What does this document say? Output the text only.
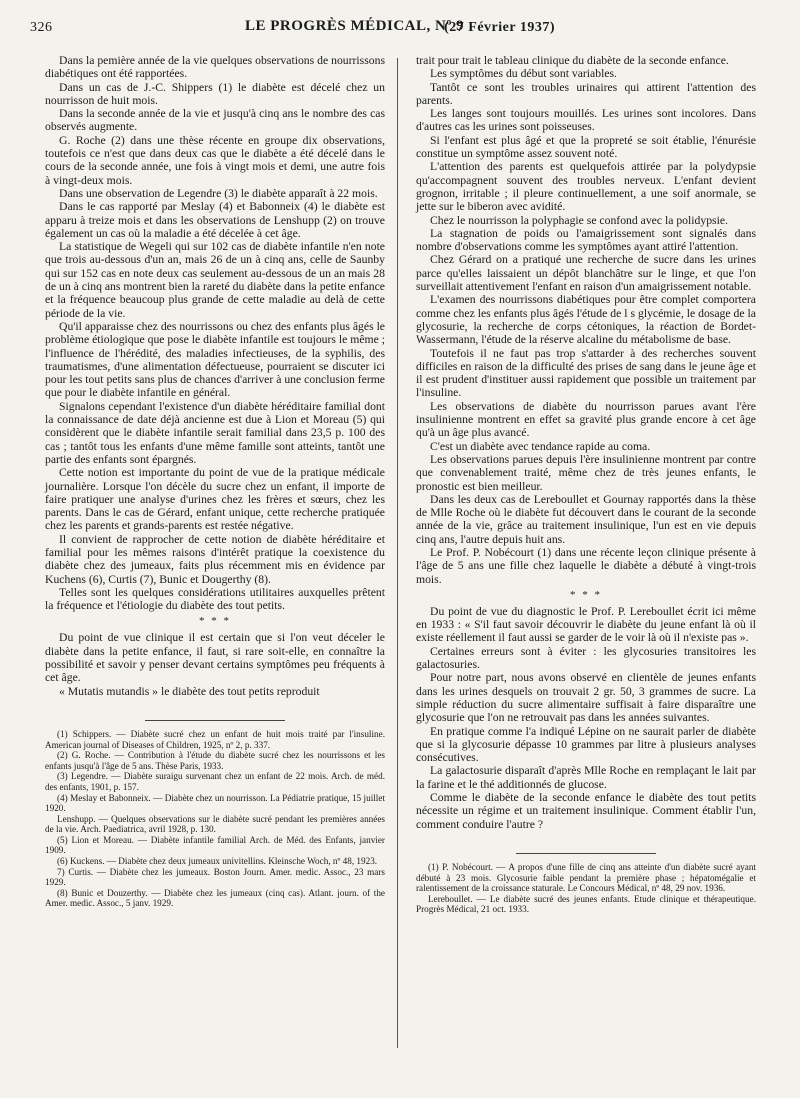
326	LE PROGRÈS MÉDICAL, Nº 9
(27 Février 1937)

Dans la pemière année de la vie quelques observations de nourrissons diabétiques ont été rapportées.

Dans un cas de J.-C. Shippers (1) le diabète est décelé chez un nourrisson de huit mois.

Dans la seconde année de la vie et jusqu'à cinq ans le nombre des cas observés augmente.

G. Roche (2) dans une thèse récente en groupe dix observations, toutefois ce n'est que dans deux cas que le diabète a été décelé dans le cours de la seconde année, une fois à vingt mois et demi, une autre fois à vingt-deux mois.

Dans une observation de Legendre (3) le diabète apparaît à 22 mois.

Dans le cas rapporté par Meslay (4) et Babonneix (4) le diabète est apparu à treize mois et dans les observations de Lenshupp (2) on trouve également un cas où la maladie a été décelée à cet âge.

La statistique de Wegeli qui sur 102 cas de diabète infantile n'en note que trois au-dessous d'un an, mais 26 de un à cinq ans, celle de Saunby qui sur 152 cas en note deux cas seulement au-dessous de un an mais 28 de un à cinq ans montrent bien la rareté du diabète dans la petite enfance et la fréquence beaucoup plus grande de cette maladie au delà de cette période de la vie.

Qu'il apparaisse chez des nourrissons ou chez des enfants plus âgés le problème étiologique que pose le diabète infantile est toujours le même ; l'influence de l'hérédité, des maladies infectieuses, de la syphilis, des traumatismes, d'une alimentation défectueuse, pourraient se discuter ici pour les tout petits sans plus de chances d'arriver à une conclusion ferme que pour le diabète infantile en général.

Signalons cependant l'existence d'un diabète héréditaire familial dont la connaissance de date déjà ancienne est due à Lion et Moreau (5) qui considèrent que le diabète infantile serait familial dans 23,5 p. 100 des cas ; tantôt tous les enfants d'une même famille sont atteints, tantôt une partie des enfants sont épargnés.

Cette notion est importante du point de vue de la pratique médicale journalière. Lorsque l'on décèle du sucre chez un enfant, il importe de faire pratiquer une analyse d'urines chez les frères et sœurs, chez les parents. Dans le cas de Gérard, enfant unique, cette recherche pratiquée chez les parents et grands-parents est restée négative.

Il convient de rapprocher de cette notion de diabète héréditaire et familial pour les mêmes raisons d'intérêt pratique la coexistence du diabète chez des jumeaux, faits plus récemment mis en évidence par Kuchens (6), Curtis (7), Bunic et Dougerthy (8).

Telles sont les quelques considérations utilitaires auxquelles prêtent la fréquence et l'étiologie du diabète des tout petits.

* * *

Du point de vue clinique il est certain que si l'on veut déceler le diabète dans la petite enfance, il faut, si rare soit-elle, en connaître la possibilité et savoir y penser devant certains symptômes peu fréquents à cet âge.

« Mutatis mutandis » le diabète des tout petits reproduit

(1) Schippers. — Diabète sucré chez un enfant de huit mois traité par l'insuline. American journal of Diseases of Children, 1925, nº 2, p. 337.

(2) G. Roche. — Contribution à l'étude du diabète sucré chez les nourrissons et les enfants jusqu'à l'âge de 5 ans. Thèse Paris, 1933.

(3) Legendre. — Diabète suraigu survenant chez un enfant de 22 mois. Arch. de méd. des enfants, 1901, p. 157.

(4) Meslay et Babonneix. — Diabète chez un nourrisson. La Pédiatrie pratique, 15 juillet 1920.

Lenshupp. — Quelques observations sur le diabète sucré pendant les premières années de la vie. Arch. Paediatrica, avril 1928, p. 130.

(5) Lion et Moreau. — Diabète infantile familial Arch. de Méd. des Enfants, janvier 1909.

(6) Kuckens. — Diabète chez deux jumeaux univitellins. Kleinsche Woch, nº 48, 1923.

7) Curtis. — Diabète chez les jumeaux. Boston Journ. Amer. medic. Assoc., 23 mars 1929.

(8) Bunic et Douzerthy. — Diabète chez les jumeaux (cinq cas). Atlant. journ. of the Amer. medic. Assoc., 5 janv. 1929.

trait pour trait le tableau clinique du diabète de la seconde enfance.

Les symptômes du début sont variables.

Tantôt ce sont les troubles urinaires qui attirent l'attention des parents.

Les langes sont toujours mouillés. Les urines sont incolores. Dans d'autres cas les urines sont poisseuses.

Si l'enfant est plus âgé et que la propreté se soit établie, l'énurésie constitue un symptôme assez souvent noté.

L'attention des parents est quelquefois attirée par la polydypsie qu'accompagnent souvent des troubles nerveux. L'enfant devient grognon, irritable ; il pleure continuellement, a une soif anormale, se jette sur le biberon avec avidité.

Chez le nourrisson la polyphagie se confond avec la polidypsie.

La stagnation de poids ou l'amaigrissement sont signalés dans nombre d'observations comme les symptômes ayant attiré l'attention.

Chez Gérard on a pratiqué une recherche de sucre dans les urines parce qu'elles laissaient un dépôt blanchâtre sur le linge, et que l'on surveillait attentivement l'enfant en raison d'un amaigrissement notable.

L'examen des nourrissons diabétiques pour être complet comportera comme chez les enfants plus âgés l'étude de l s glycémie, le dosage de la glycosurie, la recherche de corps cétoniques, la réaction de Bordet-Wassermann, l'étude de la réserve alcaline du métabolisme de base.

Toutefois il ne faut pas trop s'attarder à des recherches souvent difficiles en raison de la difficulté des prises de sang dans le jeune âge et il est prudent d'instituer aussi rapidement que possible un traitement par l'insuline.

Les observations de diabète du nourrisson parues avant l'ère insulinienne montrent en effet sa gravité plus grande encore à cet âge qu'à un âge plus avancé.

C'est un diabète avec tendance rapide au coma.

Les observations parues depuis l'ère insulinienne montrent par contre que convenablement traité, même chez de très jeunes enfants, le pronostic est bien meilleur.

Dans les deux cas de Lereboullet et Gournay rapportés dans la thèse de Mlle Roche où le diabète fut découvert dans le courant de la seconde année de la vie, grâce au traitement insulinique, l'un est en vie depuis cinq ans, l'autre depuis huit ans.

Le Prof. P. Nobécourt (1) dans une récente leçon clinique présente à l'âge de 5 ans une fille chez laquelle le diabète a débuté à vingt-trois mois.

* * *

Du point de vue du diagnostic le Prof. P. Lereboullet écrit ici même en 1933 : « S'il faut savoir découvrir le diabète du jeune enfant là où il existe réellement il faut aussi se garder de le voir là où il n'existe pas ».

Certaines erreurs sont à éviter : les glycosuries transitoires les galactosuries.

Pour notre part, nous avons observé en clientèle de jeunes enfants dans les urines desquels on trouvait 2 gr. 50, 3 grammes de sucre. La simple réduction du sucre alimentaire suffisait à faire disparaître une glycosurie que l'on ne retrouvait pas dans les années suivantes.

En pratique comme l'a indiqué Lépine on ne saurait parler de diabète que si la glycosurie dépasse 10 grammes par litre à plusieurs analyses consécutives.

La galactosurie disparaît d'après Mlle Roche en remplaçant le lait par la farine et le thé additionnés de glucose.

Comme le diabète de la seconde enfance le diabète des tout petits nécessite un régime et un traitement insulinique. Comment établir l'un, comment conduire l'autre ?

(1) P. Nobécourt. — A propos d'une fille de cinq ans atteinte d'un diabète sucré ayant débuté à 23 mois. Glycosurie faible pendant la première phase ; hépatomégalie et ralentissement de la croissance staturale. Le Concours Médical, nº 48, 29 nov. 1936.

Lereboullet. — Le diabète sucré des jeunes enfants. Etude clinique et thérapeutique. Progrès Médical, 21 oct. 1933.
